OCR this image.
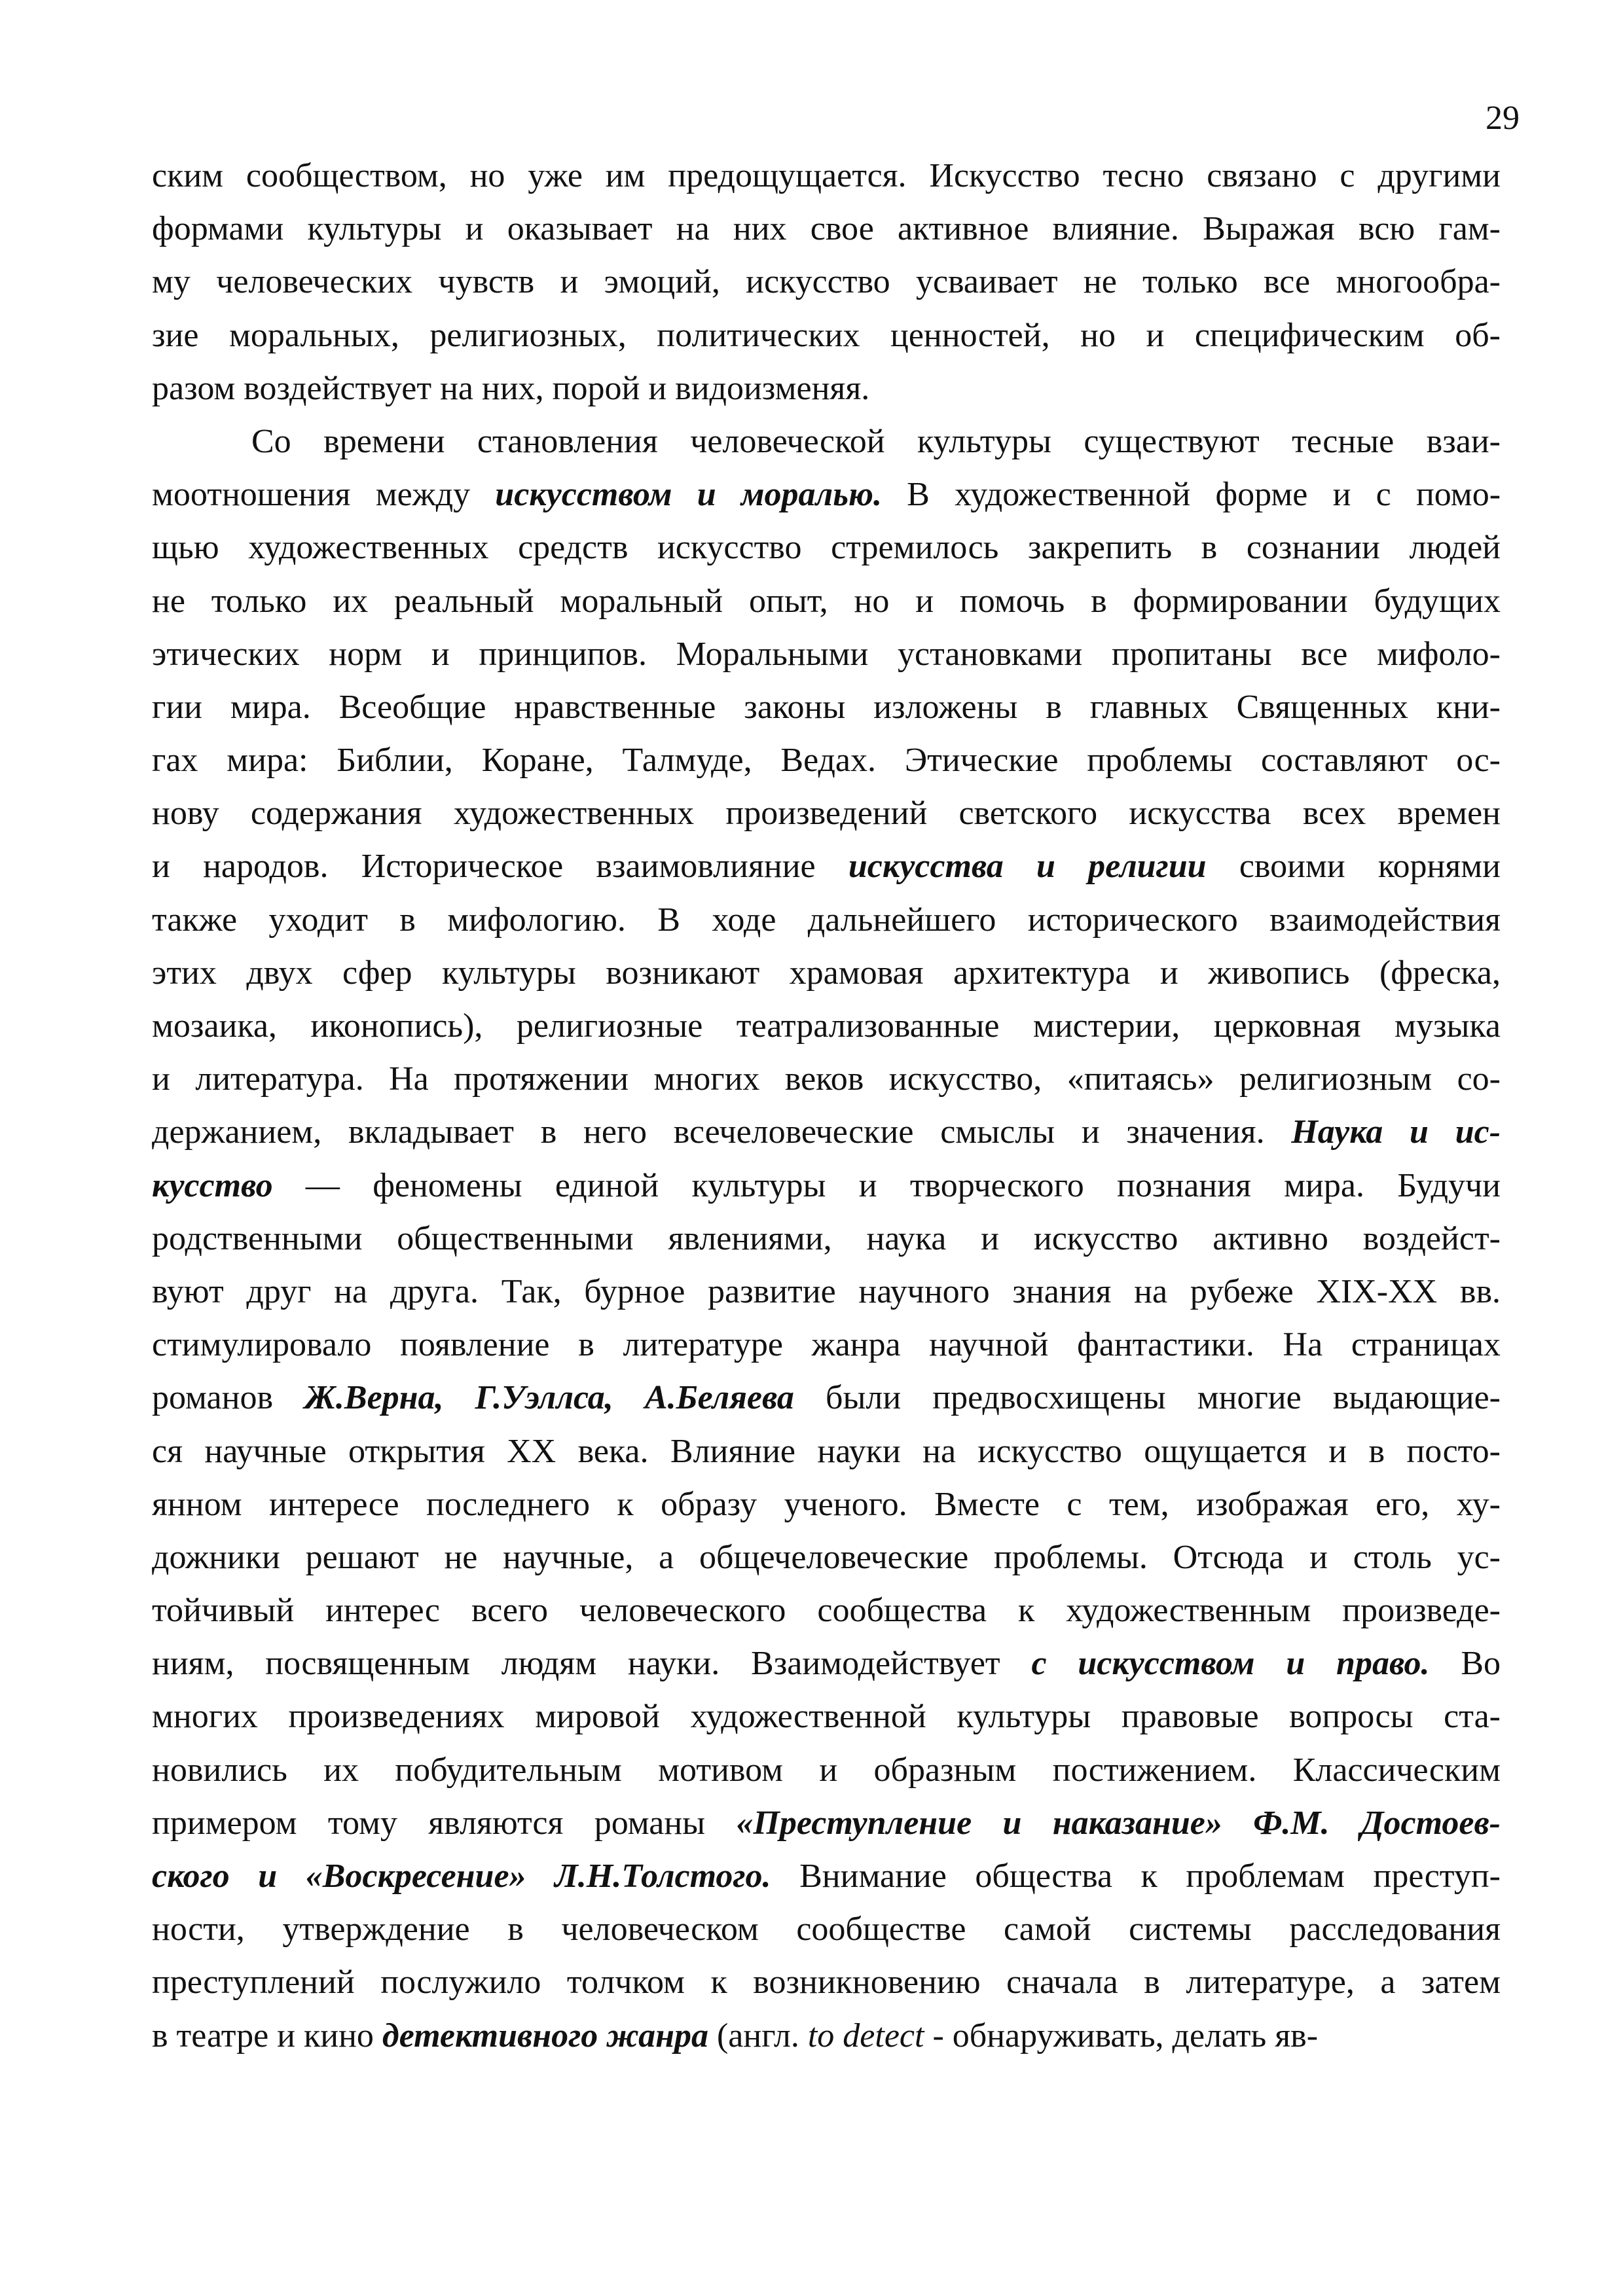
29
ским сообществом, но уже им предощущается. Искусство тесно связано с другими
формами культуры и оказывает на них свое активное влияние. Выражая всю гам-
му человеческих чувств и эмоций, искусство усваивает не только все многообра-
зие моральных, религиозных, политических ценностей, но и специфическим об-
разом воздействует на них, порой и видоизменяя.
Со времени становления человеческой культуры существуют тесные взаи-
моотношения между искусством и моралью. В художественной форме и с помо-
щью художественных средств искусство стремилось закрепить в сознании людей
не только их реальный моральный опыт, но и помочь в формировании будущих
этических норм и принципов. Моральными установками пропитаны все мифоло-
гии мира. Всеобщие нравственные законы изложены в главных Священных кни-
гах мира: Библии, Коране, Талмуде, Ведах. Этические проблемы составляют ос-
нову содержания художественных произведений светского искусства всех времен
и народов. Историческое взаимовлияние искусства и религии своими корнями
также уходит в мифологию. В ходе дальнейшего исторического взаимодействия
этих двух сфер культуры возникают храмовая архитектура и живопись (фреска,
мозаика, иконопись), религиозные театрализованные мистерии, церковная музыка
и литература. На протяжении многих веков искусство, «питаясь» религиозным со-
держанием, вкладывает в него всечеловеческие смыслы и значения. Наука и ис-
кусство — феномены единой культуры и творческого познания мира. Будучи
родственными общественными явлениями, наука и искусство активно воздейст-
вуют друг на друга. Так, бурное развитие научного знания на рубеже XIX-XX вв.
стимулировало появление в литературе жанра научной фантастики. На страницах
романов Ж.Верна, Г.Уэллса, А.Беляева были предвосхищены многие выдающие-
ся научные открытия XX века. Влияние науки на искусство ощущается и в посто-
янном интересе последнего к образу ученого. Вместе с тем, изображая его, ху-
дожники решают не научные, а общечеловеческие проблемы. Отсюда и столь ус-
тойчивый интерес всего человеческого сообщества к художественным произведе-
ниям, посвященным людям науки. Взаимодействует с искусством и право. Во
многих произведениях мировой художественной культуры правовые вопросы ста-
новились их побудительным мотивом и образным постижением. Классическим
примером тому являются романы «Преступление и наказание» Ф.М. Достоев-
ского и «Воскресение» Л.Н.Толстого. Внимание общества к проблемам преступ-
ности, утверждение в человеческом сообществе самой системы расследования
преступлений послужило толчком к возникновению сначала в литературе, а затем
в театре и кино детективного жанра (англ. to detect - обнаруживать, делать яв-
